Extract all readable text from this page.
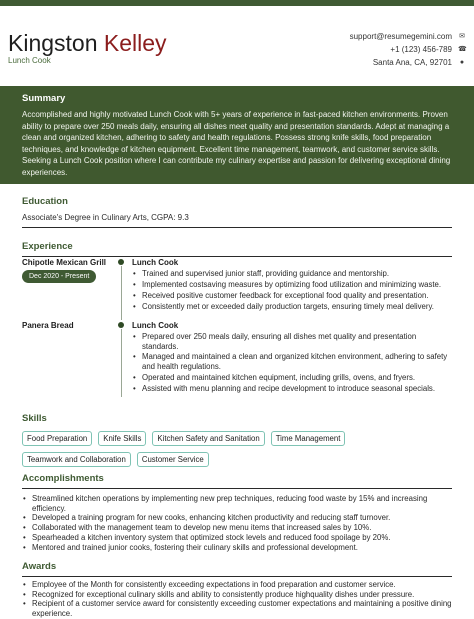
Kingston Kelley
Lunch Cook
support@resumegemini.com ✉
+1 (123) 456-789 ☎
Santa Ana, CA, 92701 ●
Summary
Accomplished and highly motivated Lunch Cook with 5+ years of experience in fast-paced kitchen environments. Proven ability to prepare over 250 meals daily, ensuring all dishes meet quality and presentation standards. Adept at managing a clean and organized kitchen, adhering to safety and health regulations. Possess strong knife skills, food preparation techniques, and knowledge of kitchen equipment. Excellent time management, teamwork, and customer service skills. Seeking a Lunch Cook position where I can contribute my culinary expertise and passion for delivering exceptional dining experiences.
Education
Associate's Degree in Culinary Arts, CGPA: 9.3
Experience
Chipotle Mexican Grill
Dec 2020 - Present
Lunch Cook
• Trained and supervised junior staff, providing guidance and mentorship.
• Implemented costsaving measures by optimizing food utilization and minimizing waste.
• Received positive customer feedback for exceptional food quality and presentation.
• Consistently met or exceeded daily production targets, ensuring timely meal delivery.
Panera Bread	Lunch Cook
• Prepared over 250 meals daily, ensuring all dishes met quality and presentation standards.
• Managed and maintained a clean and organized kitchen environment, adhering to safety and health regulations.
• Operated and maintained kitchen equipment, including grills, ovens, and fryers.
• Assisted with menu planning and recipe development to introduce seasonal specials.
Skills
Food Preparation	Knife Skills	Kitchen Safety and Sanitation	Time Management
Teamwork and Collaboration	Customer Service
Accomplishments
• Streamlined kitchen operations by implementing new prep techniques, reducing food waste by 15% and increasing efficiency.
• Developed a training program for new cooks, enhancing kitchen productivity and reducing staff turnover.
• Collaborated with the management team to develop new menu items that increased sales by 10%.
• Spearheaded a kitchen inventory system that optimized stock levels and reduced food spoilage by 20%.
• Mentored and trained junior cooks, fostering their culinary skills and professional development.
Awards
• Employee of the Month for consistently exceeding expectations in food preparation and customer service.
• Recognized for exceptional culinary skills and ability to consistently produce highquality dishes under pressure.
• Recipient of a customer service award for consistently exceeding customer expectations and maintaining a positive dining experience.
